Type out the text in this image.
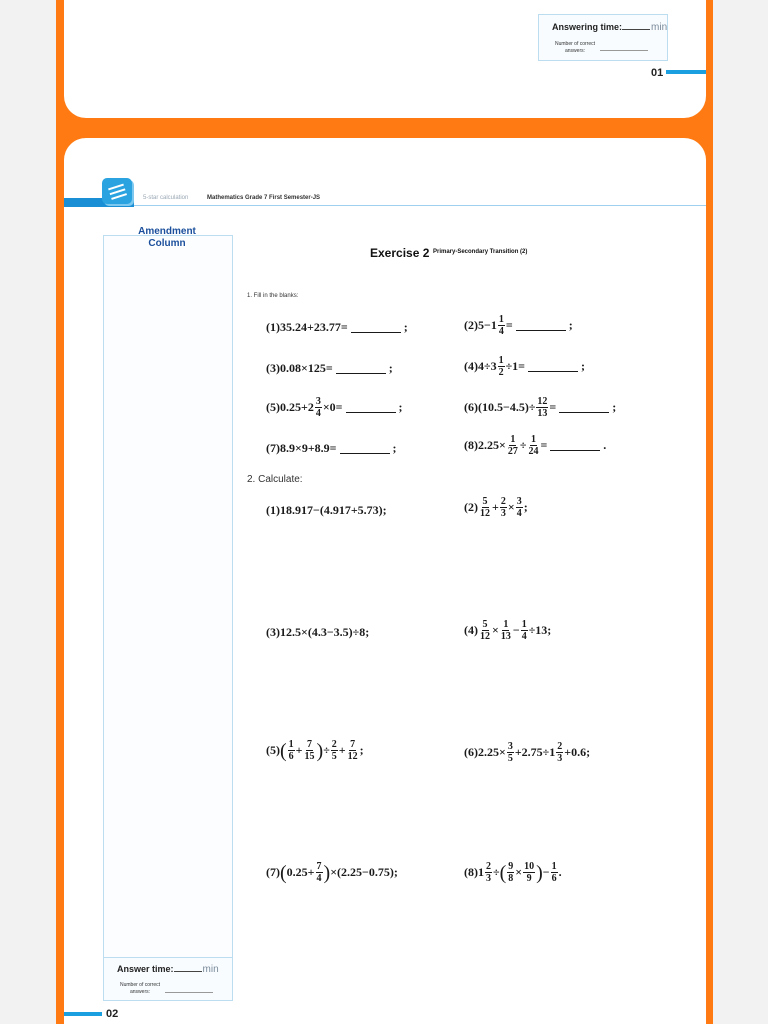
Answering time:	min
Number of correct answers:
01
5-star calculation	Mathematics Grade 7 First Semester-JS
Amendment Column
Exercise 2 Primary-Secondary Transition (2)
1. Fill in the blanks:
(1) 35.24+23.77=	;	(2) $5-1 \frac{1}{4}$ =	;
(3) 0.08×125=	;	(4) $4\div 3 \frac{1}{2} \div 1=$	;
(5) $0.25+2 \frac{3}{4} \times 0=$	;	(6) $(10.5-4.5)\div \frac{12}{13}$ =	;
(7) 8.9×9+8.9=	;	(8) $2.25\times \frac{1}{27} \div \frac{1}{24}$ =	.
2. Calculate:
(1) 18.917−(4.917+5.73);	$(2) \frac{5}{12} + \frac{2}{3} \times \frac{3}{4}$ ;
(3) 12.5×(4.3−3.5)÷8;	$(4) \frac{5}{12} \times \frac{1}{13} - \frac{1}{4} \div 13$;
(5) ( $\frac{1}{6} + \frac{7}{15}$ ) ÷ $\frac{2}{5} + \frac{7}{12}$ ;	(6) $2.25\times \frac{3}{5} +2.75\div 1 \frac{2}{3} +0.6$;
(7) ( $0.25+ \frac{7}{4}$ ) ×(2.25−0.75);	(8) $1 \frac{2}{3}$ ÷ ( $\frac{9}{8} \times \frac{10}{9}$ ) − $\frac{1}{6}$ .
Answer time:	min
Number of correct answers:
02
